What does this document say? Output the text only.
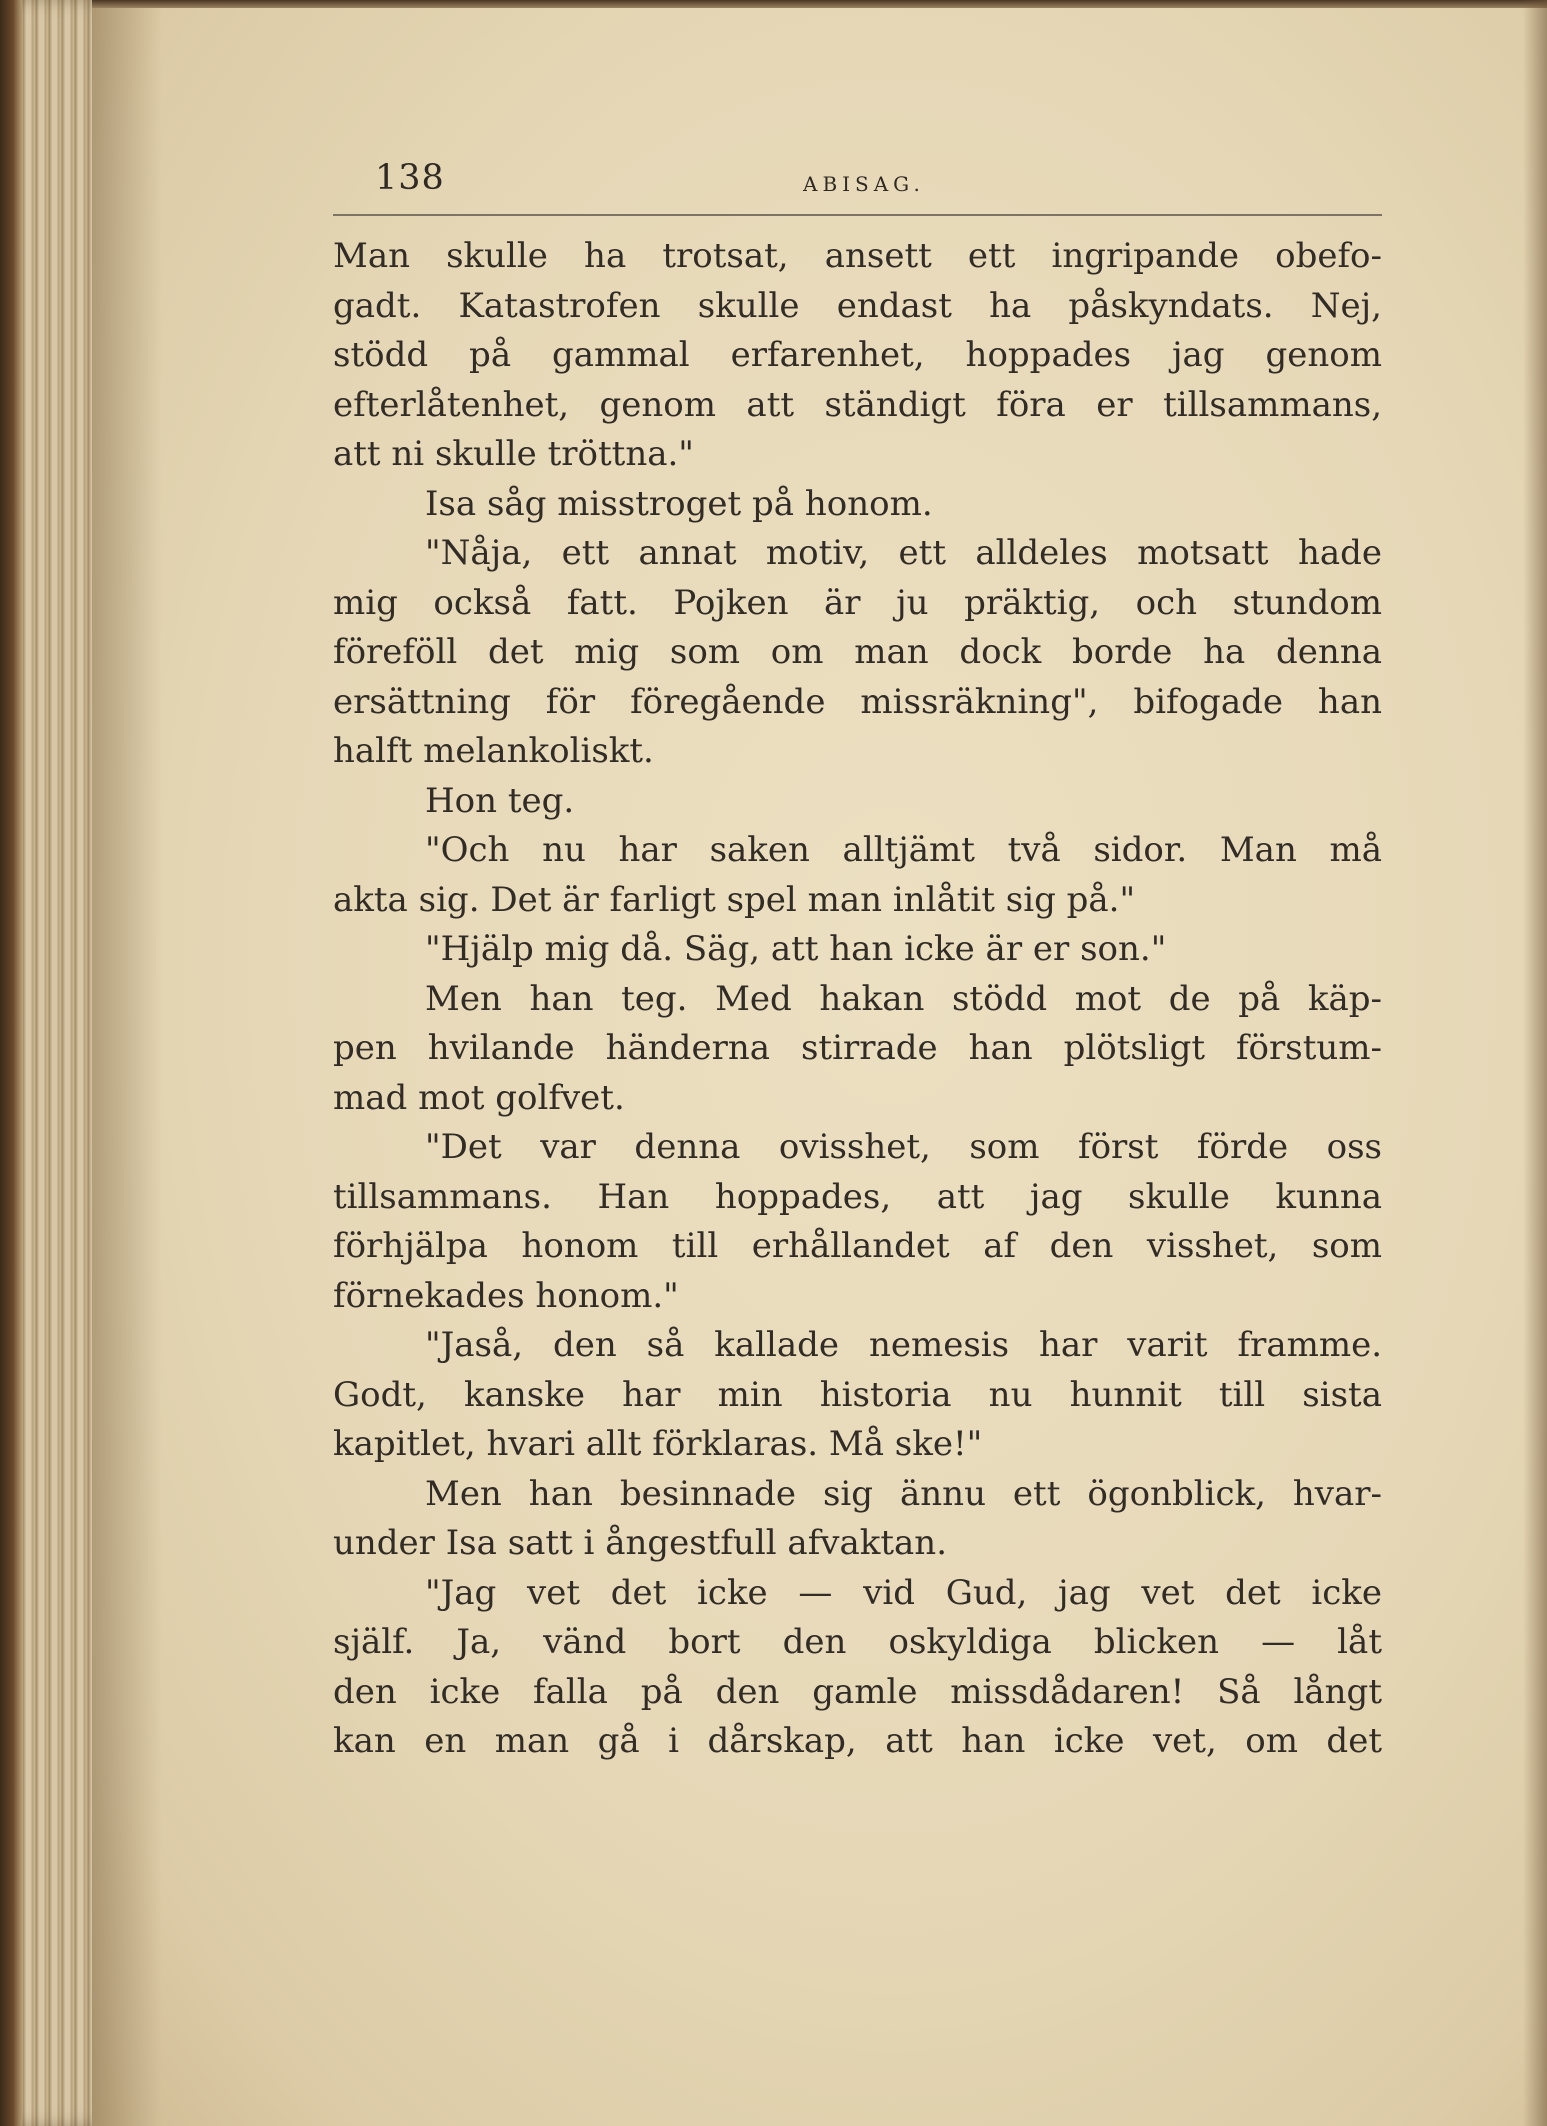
138	ABISAG.
Man skulle ha trotsat, ansett ett ingripande obefo-
gadt. Katastrofen skulle endast ha påskyndats. Nej,
stödd på gammal erfarenhet, hoppades jag genom
efterlåtenhet, genom att ständigt föra er tillsammans,
att ni skulle tröttna."
Isa såg misstroget på honom.
"Nåja, ett annat motiv, ett alldeles motsatt hade
mig också fatt. Pojken är ju präktig, och stundom
föreföll det mig som om man dock borde ha denna
ersättning för föregående missräkning", bifogade han
halft melankoliskt.
Hon teg.
"Och nu har saken alltjämt två sidor. Man må
akta sig. Det är farligt spel man inlåtit sig på."
"Hjälp mig då. Säg, att han icke är er son."
Men han teg. Med hakan stödd mot de på käp-
pen hvilande händerna stirrade han plötsligt förstum-
mad mot golfvet.
"Det var denna ovisshet, som först förde oss
tillsammans. Han hoppades, att jag skulle kunna
förhjälpa honom till erhållandet af den visshet, som
förnekades honom."
"Jaså, den så kallade nemesis har varit framme.
Godt, kanske har min historia nu hunnit till sista
kapitlet, hvari allt förklaras. Må ske!"
Men han besinnade sig ännu ett ögonblick, hvar-
under Isa satt i ångestfull afvaktan.
"Jag vet det icke — vid Gud, jag vet det icke
själf. Ja, vänd bort den oskyldiga blicken — låt
den icke falla på den gamle missdådaren! Så långt
kan en man gå i dårskap, att han icke vet, om det
